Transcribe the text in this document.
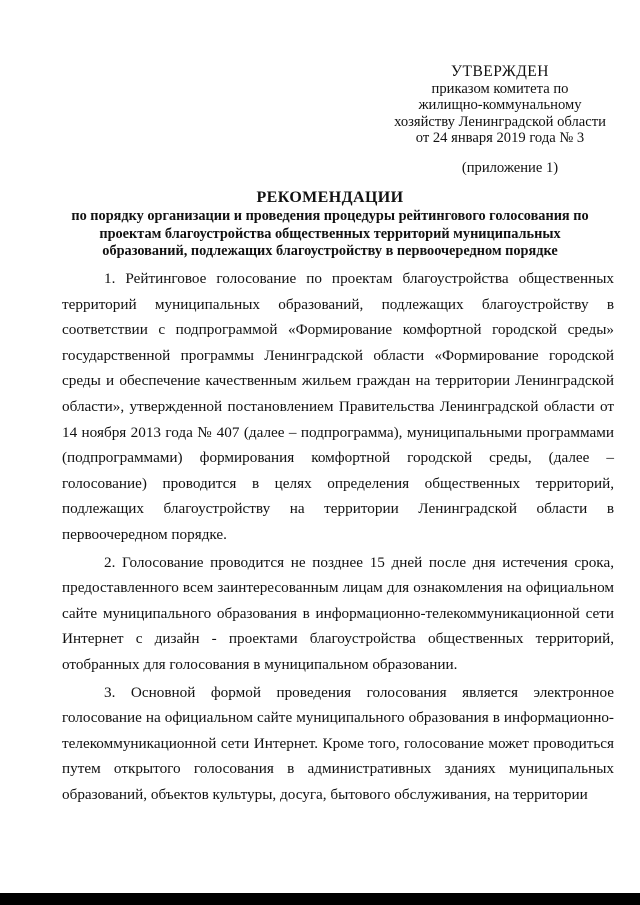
УТВЕРЖДЕН
приказом комитета по
жилищно-коммунальному
хозяйству Ленинградской области
от 24 января 2019 года № 3
(приложение 1)
РЕКОМЕНДАЦИИ
по порядку организации и проведения процедуры рейтингового голосования по проектам благоустройства общественных территорий муниципальных образований, подлежащих благоустройству в первоочередном порядке

1. Рейтинговое голосование по проектам благоустройства общественных территорий муниципальных образований, подлежащих благоустройству в соответствии с подпрограммой «Формирование комфортной городской среды» государственной программы Ленинградской области «Формирование городской среды и обеспечение качественным жильем граждан на территории Ленинградской области», утвержденной постановлением Правительства Ленинградской области от 14 ноября 2013 года № 407 (далее – подпрограмма), муниципальными программами (подпрограммами) формирования комфортной городской среды, (далее – голосование) проводится в целях определения общественных территорий, подлежащих благоустройству на территории Ленинградской области в первоочередном порядке.

2. Голосование проводится не позднее 15 дней после дня истечения срока, предоставленного всем заинтересованным лицам для ознакомления на официальном сайте муниципального образования в информационно-телекоммуникационной сети Интернет с дизайн - проектами благоустройства общественных территорий, отобранных для голосования в муниципальном образовании.

3. Основной формой проведения голосования является электронное голосование на официальном сайте муниципального образования в информационно-телекоммуникационной сети Интернет. Кроме того, голосование может проводиться путем открытого голосования в административных зданиях муниципальных образований, объектов культуры, досуга, бытового обслуживания, на территории
